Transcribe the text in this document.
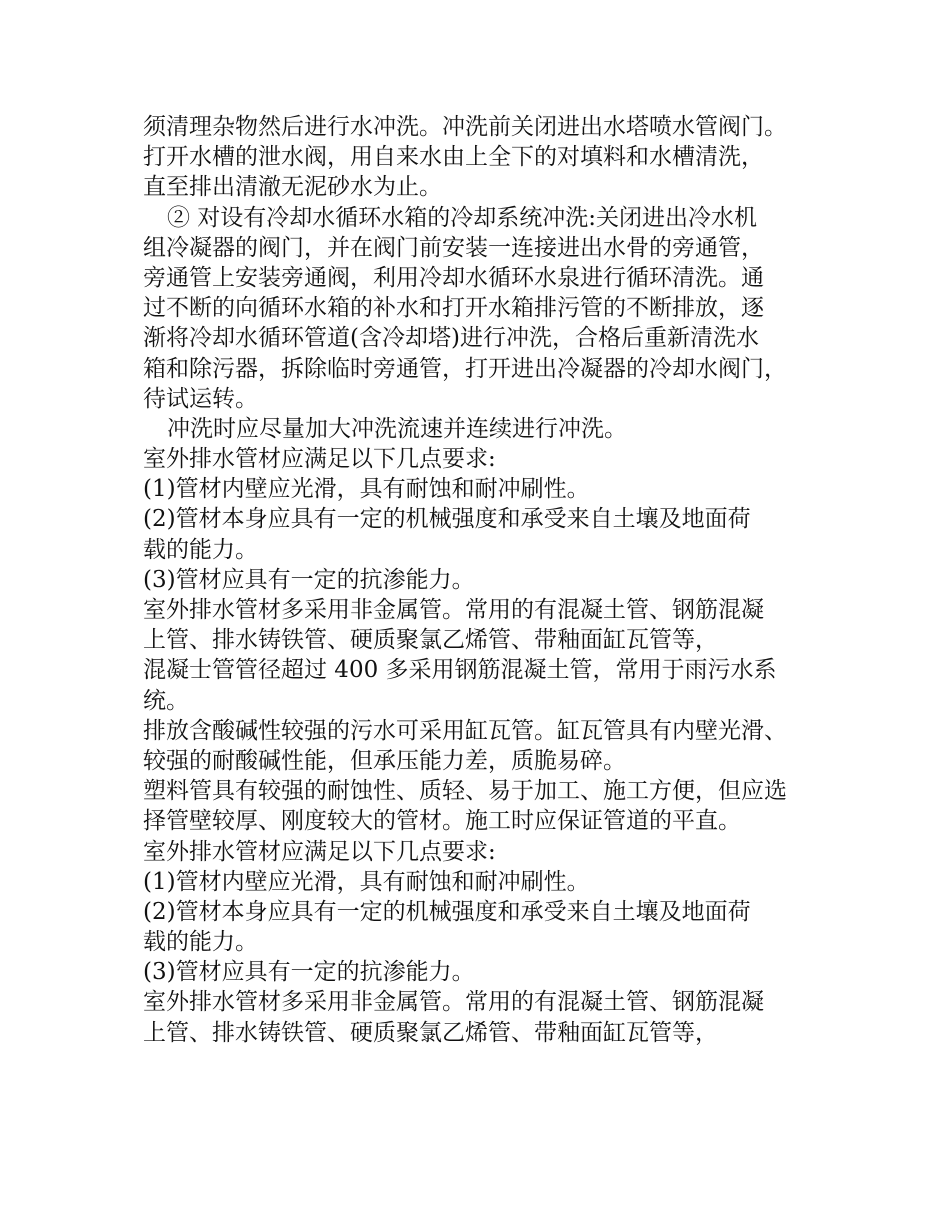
须清理杂物然后进行水冲洗。冲洗前关闭进出水塔喷水管阀门。
打开水槽的泄水阀，用自来水由上全下的对填料和水槽清洗，
直至排出清澈无泥砂水为止。
② 对设有冷却水循环水箱的冷却系统冲洗:关闭进出冷水机
组冷凝器的阀门，并在阀门前安装一连接进出水骨的旁通管，
旁通管上安装旁通阀，利用冷却水循环水泉进行循环清洗。通
过不断的向循环水箱的补水和打开水箱排污管的不断排放，逐
渐将冷却水循环管道(含冷却塔)进行冲洗，合格后重新清洗水
箱和除污器，拆除临时旁通管，打开进出冷凝器的冷却水阀门，
待试运转。
冲洗时应尽量加大冲洗流速并连续进行冲洗。
室外排水管材应满足以下几点要求:
(1)管材内壁应光滑，具有耐蚀和耐冲刷性。
(2)管材本身应具有一定的机械强度和承受来自土壤及地面荷
载的能力。
(3)管材应具有一定的抗渗能力。
室外排水管材多采用非金属管。常用的有混凝土管、钢筋混凝
上管、排水铸铁管、硬质聚氯乙烯管、带釉面缸瓦管等，
混凝士管管径超过 400 多采用钢筋混凝土管，常用于雨污水系
统。
排放含酸碱性较强的污水可采用缸瓦管。缸瓦管具有内壁光滑、
较强的耐酸碱性能，但承压能力差，质脆易碎。
塑料管具有较强的耐蚀性、质轻、易于加工、施工方便，但应选
择管壁较厚、刚度较大的管材。施工时应保证管道的平直。
室外排水管材应满足以下几点要求:
(1)管材内壁应光滑，具有耐蚀和耐冲刷性。
(2)管材本身应具有一定的机械强度和承受来自土壤及地面荷
载的能力。
(3)管材应具有一定的抗渗能力。
室外排水管材多采用非金属管。常用的有混凝土管、钢筋混凝
上管、排水铸铁管、硬质聚氯乙烯管、带釉面缸瓦管等，
